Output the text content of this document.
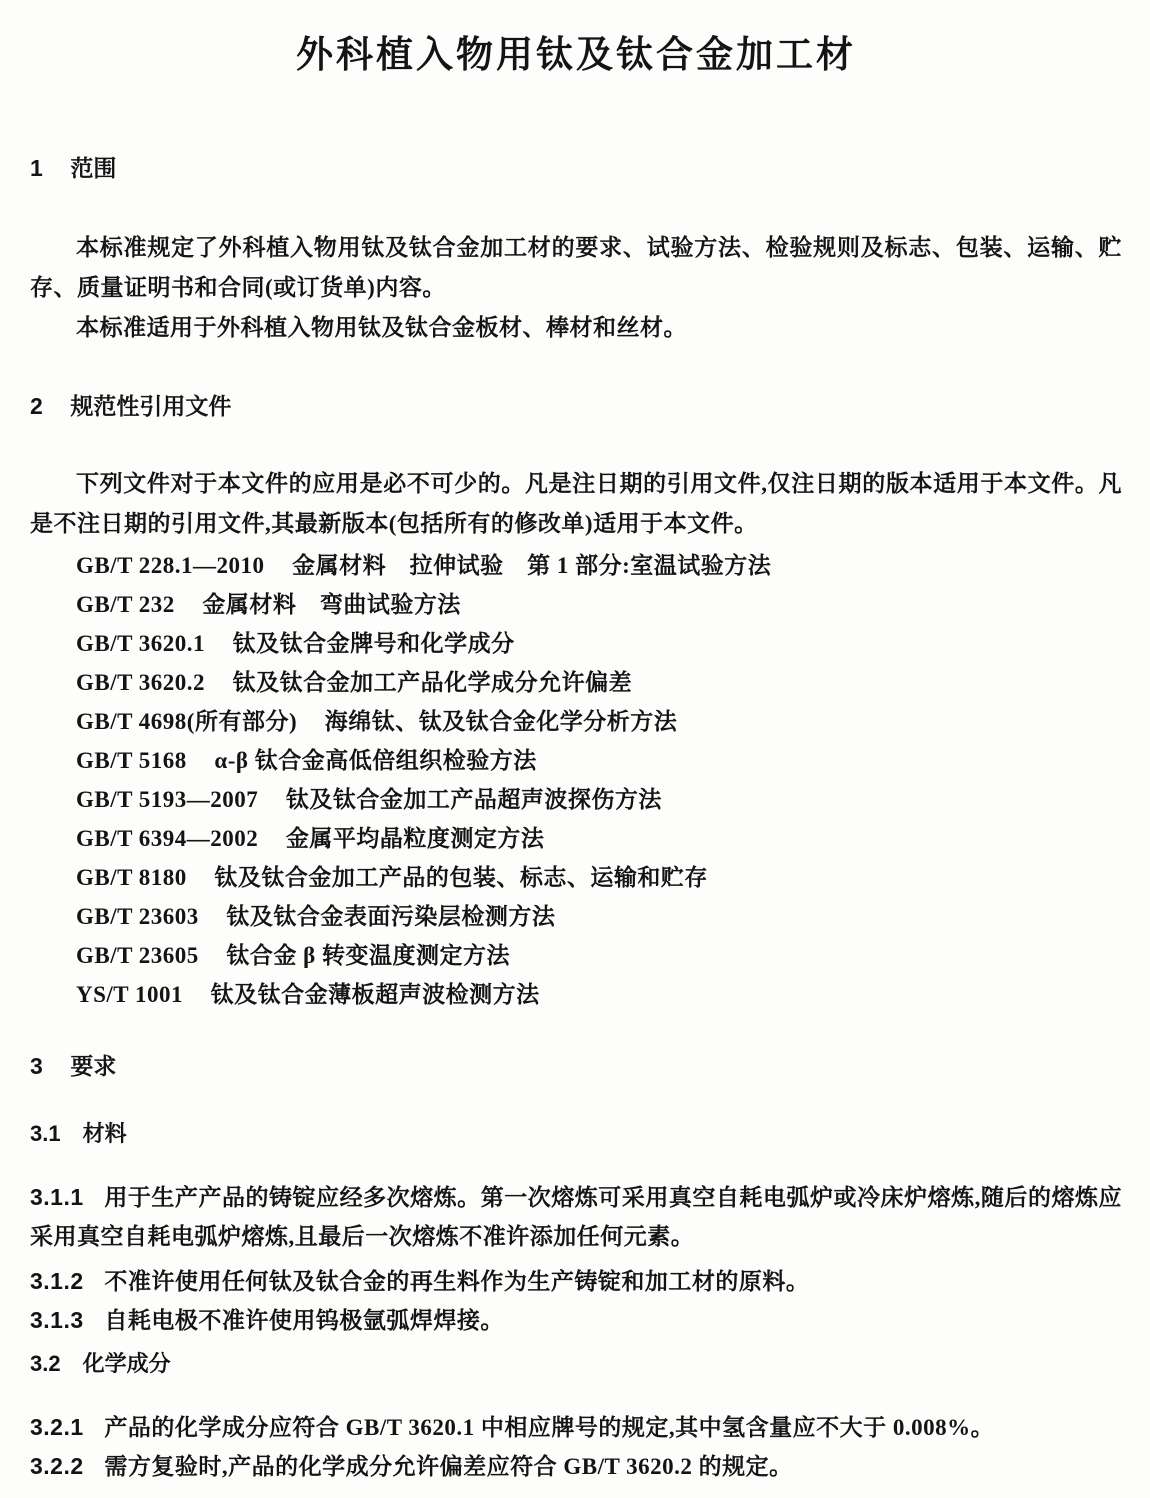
外科植入物用钛及钛合金加工材
1 范围
本标准规定了外科植入物用钛及钛合金加工材的要求、试验方法、检验规则及标志、包装、运输、贮存、质量证明书和合同(或订货单)内容。
本标准适用于外科植入物用钛及钛合金板材、棒材和丝材。
2 规范性引用文件
下列文件对于本文件的应用是必不可少的。凡是注日期的引用文件,仅注日期的版本适用于本文件。凡是不注日期的引用文件,其最新版本(包括所有的修改单)适用于本文件。
GB/T 228.1—2010 金属材料　拉伸试验　第 1 部分:室温试验方法
GB/T 232 金属材料　弯曲试验方法
GB/T 3620.1 钛及钛合金牌号和化学成分
GB/T 3620.2 钛及钛合金加工产品化学成分允许偏差
GB/T 4698(所有部分) 海绵钛、钛及钛合金化学分析方法
GB/T 5168 α-β 钛合金高低倍组织检验方法
GB/T 5193—2007 钛及钛合金加工产品超声波探伤方法
GB/T 6394—2002 金属平均晶粒度测定方法
GB/T 8180 钛及钛合金加工产品的包装、标志、运输和贮存
GB/T 23603 钛及钛合金表面污染层检测方法
GB/T 23605 钛合金 β 转变温度测定方法
YS/T 1001 钛及钛合金薄板超声波检测方法
3 要求
3.1 材料
3.1.1 用于生产产品的铸锭应经多次熔炼。第一次熔炼可采用真空自耗电弧炉或冷床炉熔炼,随后的熔炼应采用真空自耗电弧炉熔炼,且最后一次熔炼不准许添加任何元素。
3.1.2 不准许使用任何钛及钛合金的再生料作为生产铸锭和加工材的原料。
3.1.3 自耗电极不准许使用钨极氩弧焊焊接。
3.2 化学成分
3.2.1 产品的化学成分应符合 GB/T 3620.1 中相应牌号的规定,其中氢含量应不大于 0.008%。
3.2.2 需方复验时,产品的化学成分允许偏差应符合 GB/T 3620.2 的规定。
